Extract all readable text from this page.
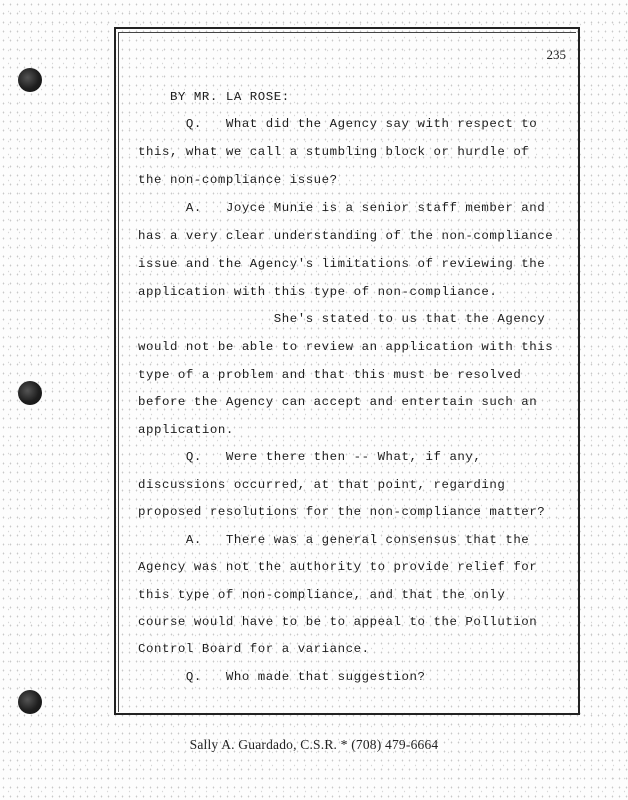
235
BY MR. LA ROSE:
Q.   What did the Agency say with respect to
this, what we call a stumbling block or hurdle of
the non-compliance issue?
A.   Joyce Munie is a senior staff member and
has a very clear understanding of the non-compliance
issue and the Agency's limitations of reviewing the
application with this type of non-compliance.
She's stated to us that the Agency
would not be able to review an application with this
type of a problem and that this must be resolved
before the Agency can accept and entertain such an
application.
Q.   Were there then -- What, if any,
discussions occurred, at that point, regarding
proposed resolutions for the non-compliance matter?
A.   There was a general consensus that the
Agency was not the authority to provide relief for
this type of non-compliance, and that the only
course would have to be to appeal to the Pollution
Control Board for a variance.
Q.   Who made that suggestion?
Sally A. Guardado, C.S.R. * (708) 479-6664
